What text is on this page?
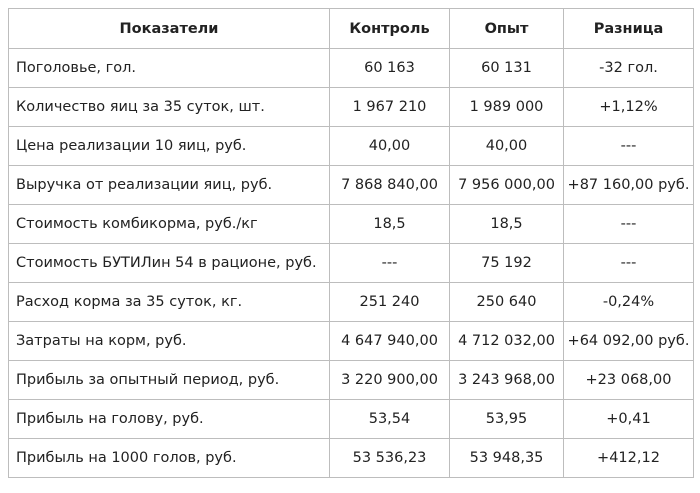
Показатели	Контроль	Опыт	Разница
Поголовье, гол.	60 163	60 131	-32 гол.
Количество яиц за 35 суток, шт.	1 967 210	1 989 000	+1,12%
Цена реализации 10 яиц, руб.	40,00	40,00	---
Выручка от реализации яиц, руб.	7 868 840,00	7 956 000,00	+87 160,00 руб.
Стоимость комбикорма, руб./кг	18,5	18,5	---
Стоимость БУТИЛин 54 в рационе, руб.	---	75 192	---
Расход корма за 35 суток, кг.	251 240	250 640	-0,24%
Затраты на корм, руб.	4 647 940,00	4 712 032,00	+64 092,00 руб.
Прибыль за опытный период, руб.	3 220 900,00	3 243 968,00	+23 068,00
Прибыль на голову, руб.	53,54	53,95	+0,41
Прибыль на 1000 голов, руб.	53 536,23	53 948,35	+412,12
